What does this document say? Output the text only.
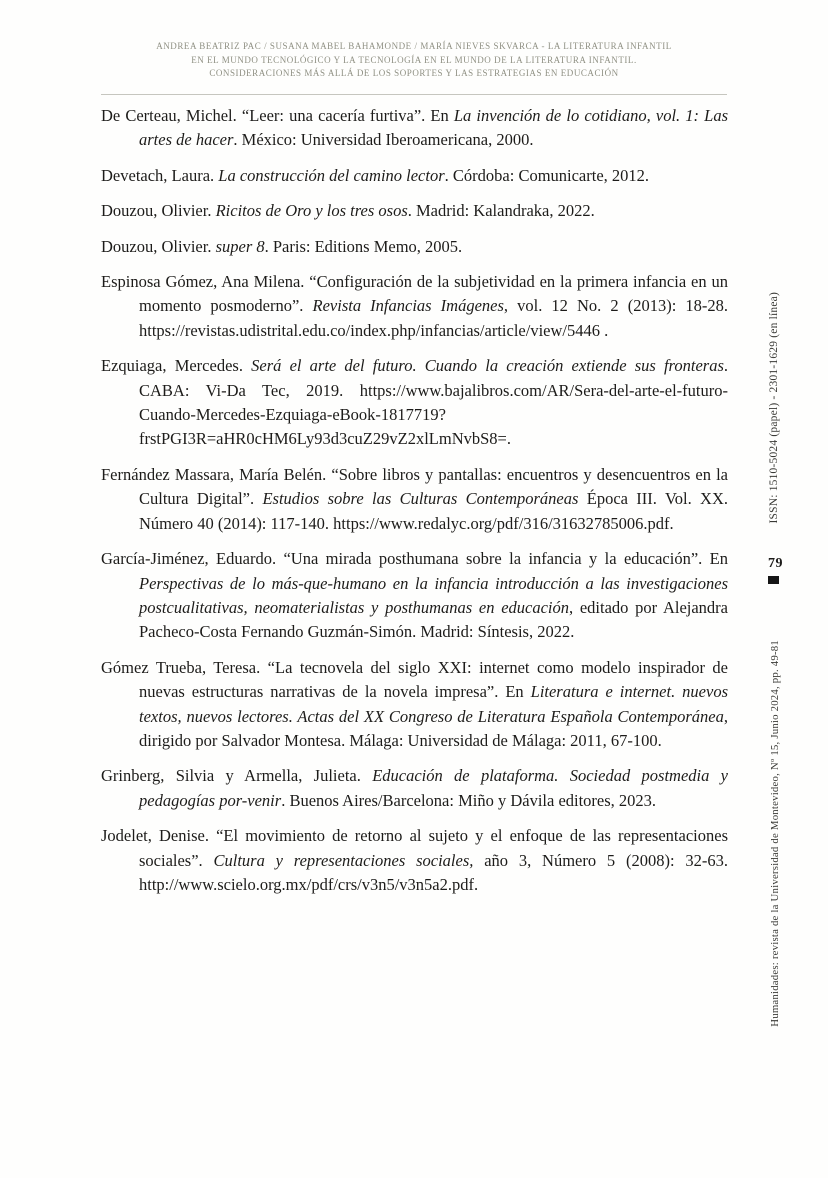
ANDREA BEATRIZ PAC / SUSANA MABEL BAHAMONDE / MARÍA NIEVES SKVARCA - LA LITERATURA INFANTIL
EN EL MUNDO TECNOLÓGICO Y LA TECNOLOGÍA EN EL MUNDO DE LA LITERATURA INFANTIL.
CONSIDERACIONES MÁS ALLÁ DE LOS SOPORTES Y LAS ESTRATEGIAS EN EDUCACIÓN

De Certeau, Michel. “Leer: una cacería furtiva”. En La invención de lo cotidiano, vol. 1: Las artes de hacer. México: Universidad Iberoamericana, 2000.

Devetach, Laura. La construcción del camino lector. Córdoba: Comunicarte, 2012.

Douzou, Olivier. Ricitos de Oro y los tres osos. Madrid: Kalandraka, 2022.

Douzou, Olivier. super 8. Paris: Editions Memo, 2005.

Espinosa Gómez, Ana Milena. “Configuración de la subjetividad en la primera infancia en un momento posmoderno”. Revista Infancias Imágenes, vol. 12 No. 2 (2013): 18-28. https://revistas.udistrital.edu.co/index.php/infancias/article/view/5446 .

Ezquiaga, Mercedes. Será el arte del futuro. Cuando la creación extiende sus fronteras. CABA: Vi-Da Tec, 2019. https://www.bajalibros.com/AR/Sera-del-arte-el-futuro-Cuando-Mercedes-Ezquiaga-eBook-1817719?frstPGI3R=aHR0cHM6Ly93d3cuZ29vZ2xlLmNvbS8=.

Fernández Massara, María Belén. “Sobre libros y pantallas: encuentros y desencuentros en la Cultura Digital”. Estudios sobre las Culturas Contemporáneas Época III. Vol. XX. Número 40 (2014): 117-140. https://www.redalyc.org/pdf/316/31632785006.pdf.

García-Jiménez, Eduardo. “Una mirada posthumana sobre la infancia y la educación”. En Perspectivas de lo más-que-humano en la infancia introducción a las investigaciones postcualitativas, neomaterialistas y posthumanas en educación, editado por Alejandra Pacheco-Costa Fernando Guzmán-Simón. Madrid: Síntesis, 2022.

Gómez Trueba, Teresa. “La tecnovela del siglo XXI: internet como modelo inspirador de nuevas estructuras narrativas de la novela impresa”. En Literatura e internet. nuevos textos, nuevos lectores. Actas del XX Congreso de Literatura Española Contemporánea, dirigido por Salvador Montesa. Málaga: Universidad de Málaga: 2011, 67-100.

Grinberg, Silvia y Armella, Julieta. Educación de plataforma. Sociedad postmedia y pedagogías por-venir. Buenos Aires/Barcelona: Miño y Dávila editores, 2023.

Jodelet, Denise. “El movimiento de retorno al sujeto y el enfoque de las representaciones sociales”. Cultura y representaciones sociales, año 3, Número 5 (2008): 32-63. http://www.scielo.org.mx/pdf/crs/v3n5/v3n5a2.pdf.

ISSN: 1510-5024 (papel) - 2301-1629 (en línea)
79
Humanidades: revista de la Universidad de Montevideo, Nº 15, Junio 2024, pp. 49-81
